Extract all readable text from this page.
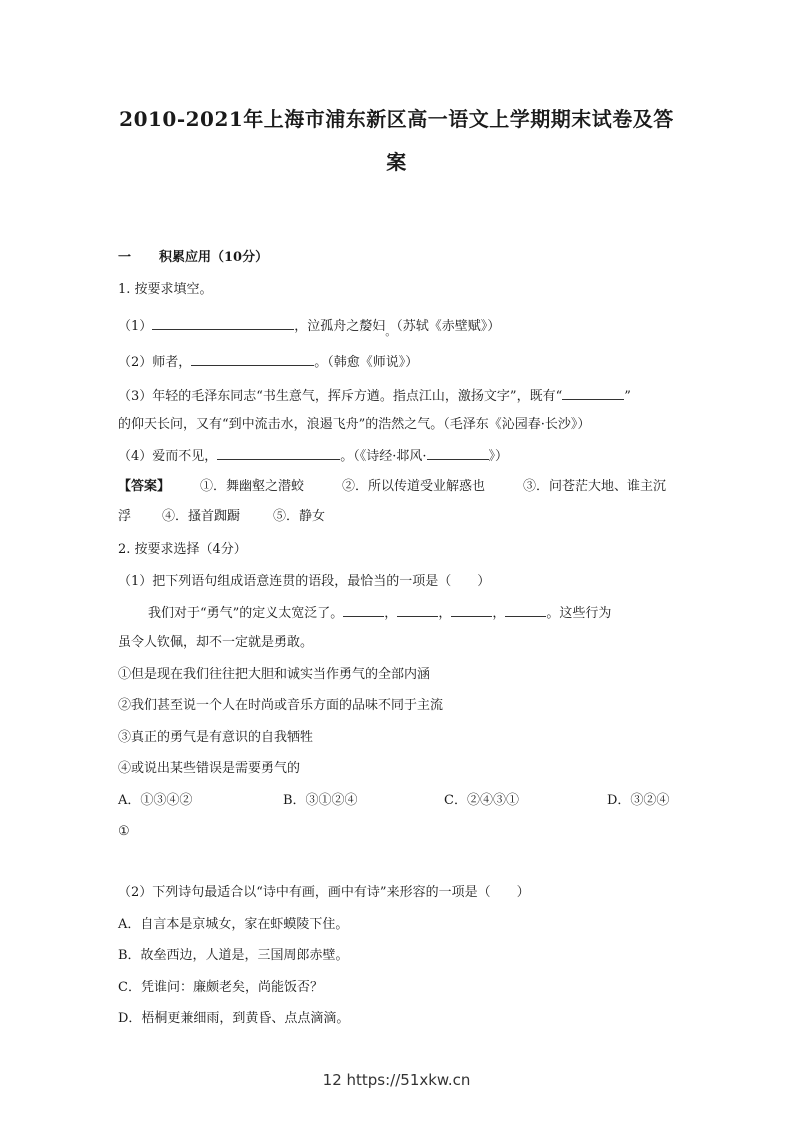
2010-2021年上海市浦东新区高一语文上学期期末试卷及答
案
一 积累应用（10分）
1. 按要求填空。
（1）	，泣孤舟之嫠妇$_。$（苏轼《赤壁赋》）
（2）师者，	。（韩愈《师说》）
（3）年轻的毛泽东同志“书生意气，挥斥方遒。指点江山，激扬文字”，既有“	”
的仰天长问，又有“到中流击水，浪遏飞舟”的浩然之气。（毛泽东《沁园春·长沙》）
（4）爱而不见，	。（《诗经·邶风·	》）
【答案】 ①．舞幽壑之潜蛟	②．所以传道受业解惑也	③．问苍茫大地、谁主沉
浮 ④．搔首踟蹰	⑤．静女
2. 按要求选择（4分）
（1）把下列语句组成语意连贯的语段，最恰当的一项是（　　）
我们对于“勇气”的定义太宽泛了。	，	，	，	。这些行为
虽令人钦佩，却不一定就是勇敢。
①但是现在我们往往把大胆和诚实当作勇气的全部内涵
②我们甚至说一个人在时尚或音乐方面的品味不同于主流
③真正的勇气是有意识的自我牺牲
④或说出某些错误是需要勇气的
A．①③④②	B．③①②④	C．②④③①	D．③②④
①
（2）下列诗句最适合以“诗中有画，画中有诗”来形容的一项是（　　）
A．自言本是京城女，家在虾蟆陵下住。
B．故垒西边，人道是，三国周郎赤壁。
C．凭谁问：廉颇老矣，尚能饭否？
D．梧桐更兼细雨，到黄昏、点点滴滴。
12 https://51xkw.cn
